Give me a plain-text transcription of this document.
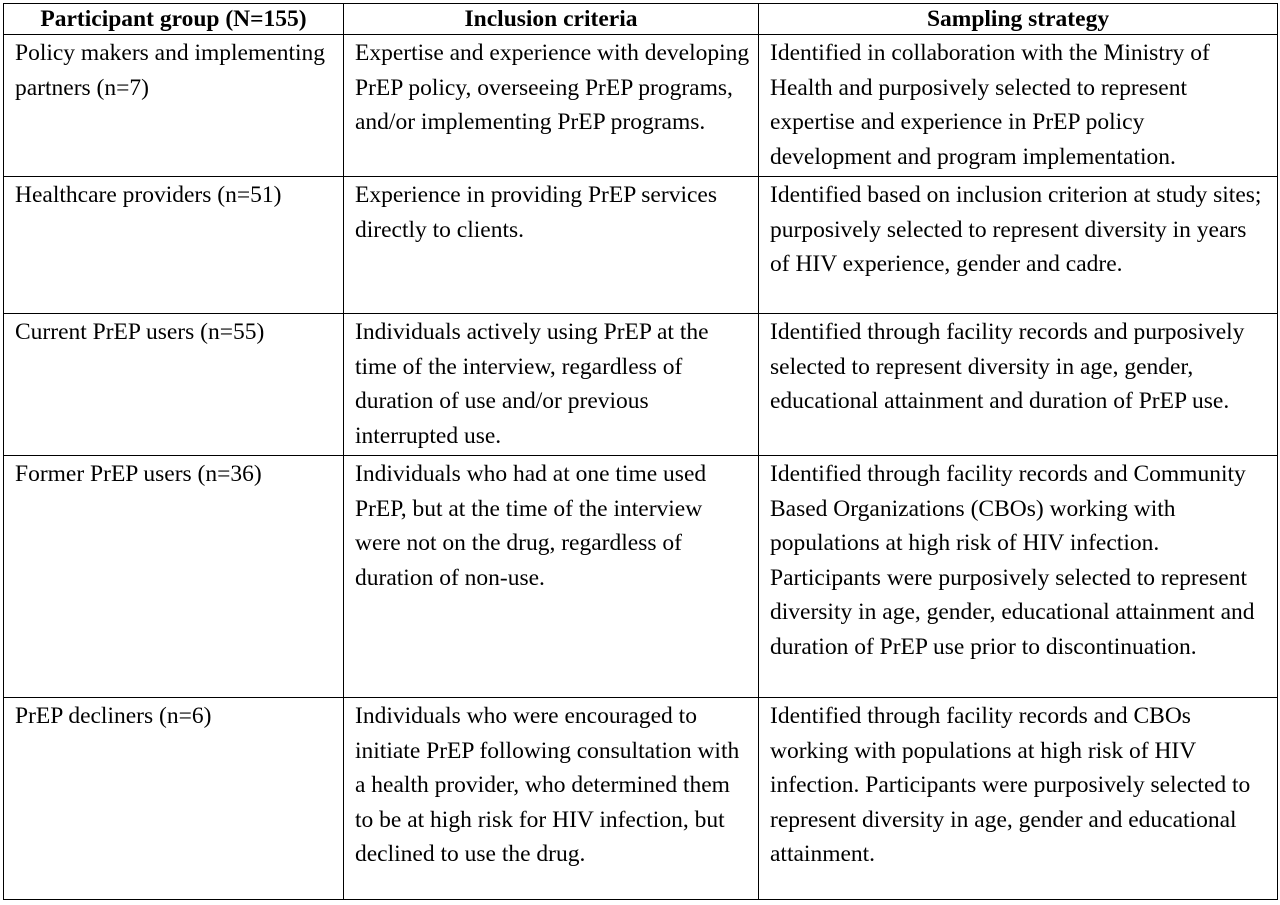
Participant group (N=155)	Inclusion criteria	Sampling strategy
Policy makers and implementing partners (n=7)	Expertise and experience with developing PrEP policy, overseeing PrEP programs, and/or implementing PrEP programs.	Identified in collaboration with the Ministry of Health and purposively selected to represent expertise and experience in PrEP policy development and program implementation.
Healthcare providers (n=51)	Experience in providing PrEP services directly to clients.	Identified based on inclusion criterion at study sites; purposively selected to represent diversity in years of HIV experience, gender and cadre.
Current PrEP users (n=55)	Individuals actively using PrEP at the time of the interview, regardless of duration of use and/or previous interrupted use.	Identified through facility records and purposively selected to represent diversity in age, gender, educational attainment and duration of PrEP use.
Former PrEP users (n=36)	Individuals who had at one time used PrEP, but at the time of the interview were not on the drug, regardless of duration of non-use.	Identified through facility records and Community Based Organizations (CBOs) working with populations at high risk of HIV infection. Participants were purposively selected to represent diversity in age, gender, educational attainment and duration of PrEP use prior to discontinuation.
PrEP decliners (n=6)	Individuals who were encouraged to initiate PrEP following consultation with a health provider, who determined them to be at high risk for HIV infection, but declined to use the drug.	Identified through facility records and CBOs working with populations at high risk of HIV infection. Participants were purposively selected to represent diversity in age, gender and educational attainment.
